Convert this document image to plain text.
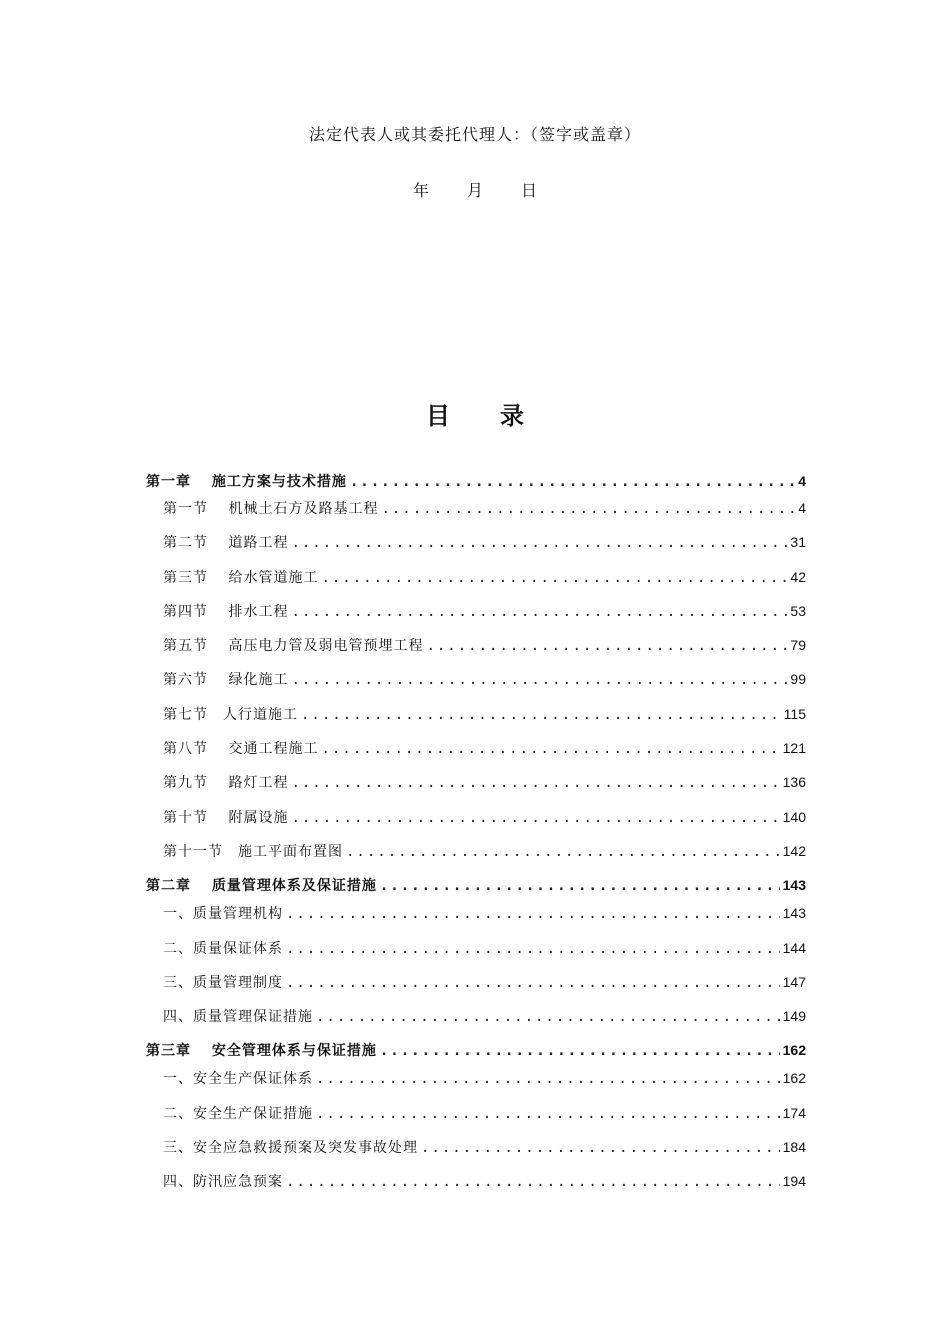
法定代表人或其委托代理人：（签字或盖章）
年 月 日
目 录
第一章　 施工方案与技术措施 .....	4
第一节　 机械土石方及路基工程 .....	4
第二节　 道路工程 .....	31
第三节　 给水管道施工 .....	42
第四节　 排水工程 .....	53
第五节　 高压电力管及弱电管预埋工程 .....	79
第六节　 绿化施工 .....	99
第七节　人行道施工 .....	115
第八节　 交通工程施工 .....	121
第九节　 路灯工程 .....	136
第十节　 附属设施 .....	140
第十一节　施工平面布置图 .....	142
第二章　 质量管理体系及保证措施 .....	143
一、质量管理机构 .....	143
二、质量保证体系 .....	144
三、质量管理制度 .....	147
四、质量管理保证措施 .....	149
第三章　 安全管理体系与保证措施 .....	162
一、安全生产保证体系 .....	162
二、安全生产保证措施 .....	174
三、安全应急救援预案及突发事故处理 .....	184
四、防汛应急预案 .....	194
